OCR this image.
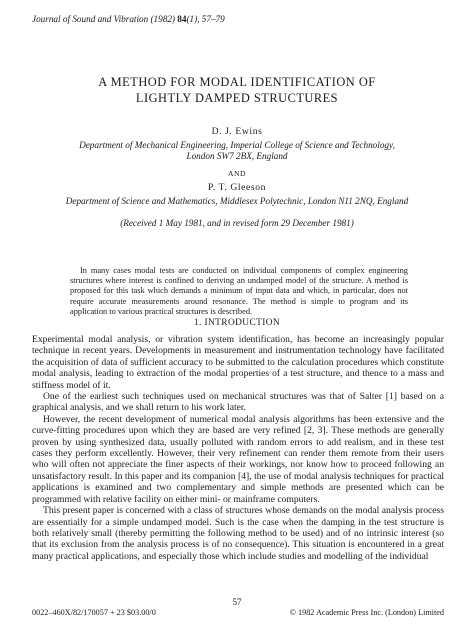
Journal of Sound and Vibration (1982) 84(1), 57–79
A METHOD FOR MODAL IDENTIFICATION OF
LIGHTLY DAMPED STRUCTURES
D. J. Ewins
Department of Mechanical Engineering, Imperial College of Science and Technology,
London SW7 2BX, England
AND
P. T. Gleeson
Department of Science and Mathematics, Middlesex Polytechnic, London N11 2NQ, England
(Received 1 May 1981, and in revised form 29 December 1981)

In many cases modal tests are conducted on individual components of complex engineering structures where interest is confined to deriving an undamped model of the structure. A method is proposed for this task which demands a minimum of input data and which, in particular, does not require accurate measurements around resonance. The method is simple to program and its application to various practical structures is described.

1. INTRODUCTION

Experimental modal analysis, or vibration system identification, has become an increasingly popular technique in recent years. Developments in measurement and instrumentation technology have facilitated the acquisition of data of sufficient accuracy to be submitted to the calculation procedures which constitute modal analysis, leading to extraction of the modal properties of a test structure, and thence to a mass and stiffness model of it.

One of the earliest such techniques used on mechanical structures was that of Salter [1] based on a graphical analysis, and we shall return to his work later.

However, the recent development of numerical modal analysis algorithms has been extensive and the curve-fitting procedures upon which they are based are very refined [2, 3]. These methods are generally proven by using synthesized data, usually polluted with random errors to add realism, and in these test cases they perform excellently. However, their very refinement can render them remote from their users who will often not appreciate the finer aspects of their workings, nor know how to proceed following an unsatisfactory result. In this paper and its companion [4], the use of modal analysis techniques for practical applications is examined and two complementary and simple methods are presented which can be programmed with relative facility on either mini- or mainframe computers.

This present paper is concerned with a class of structures whose demands on the modal analysis process are essentially for a simple undamped model. Such is the case when the damping in the test structure is both relatively small (thereby permitting the following method to be used) and of no intrinsic interest (so that its exclusion from the analysis process is of no consequence). This situation is encountered in a great many practical applications, and especially those which include studies and modelling of the individual

57
0022–460X/82/170057 + 23 $03.00/0	© 1982 Academic Press Inc. (London) Limited
